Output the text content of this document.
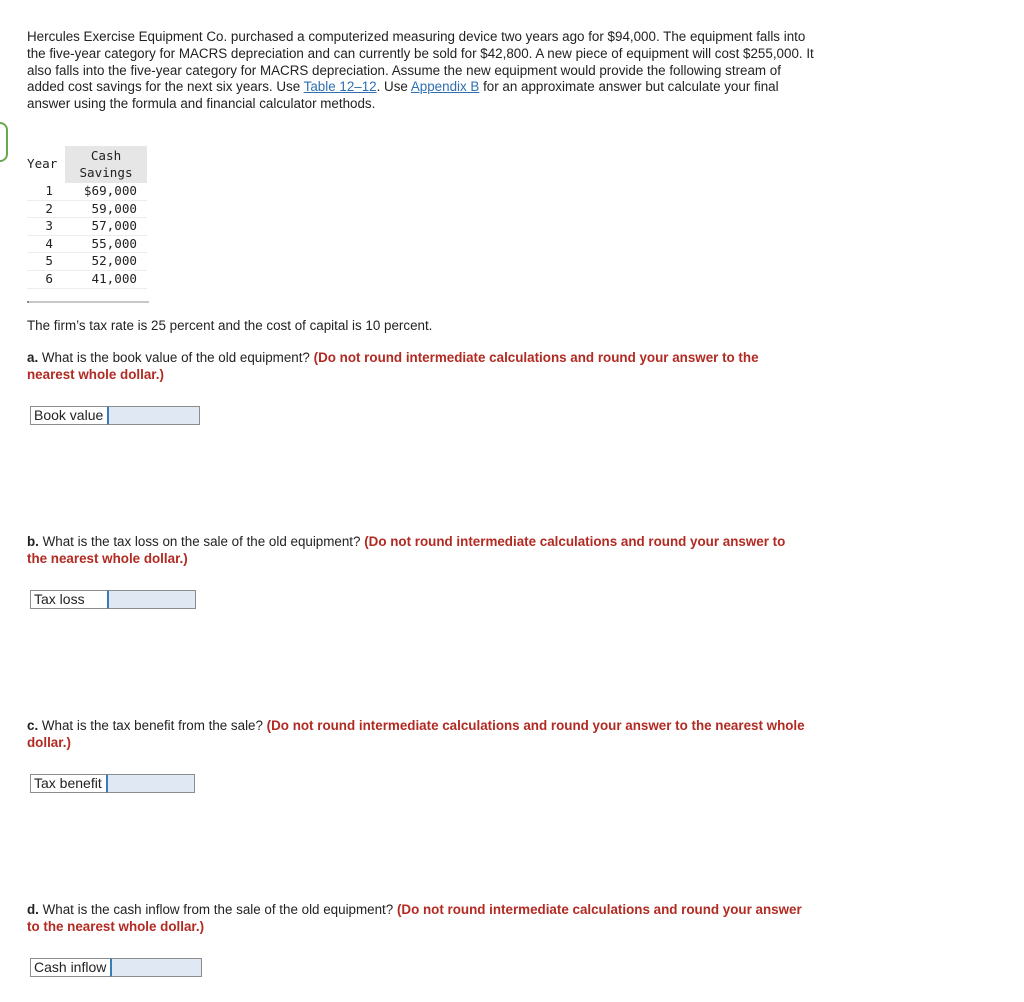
Hercules Exercise Equipment Co. purchased a computerized measuring device two years ago for $94,000. The equipment falls into the five-year category for MACRS depreciation and can currently be sold for $42,800. A new piece of equipment will cost $255,000. It also falls into the five-year category for MACRS depreciation. Assume the new equipment would provide the following stream of added cost savings for the next six years. Use Table 12–12. Use Appendix B for an approximate answer but calculate your final answer using the formula and financial calculator methods.

Year	Cash
Savings
1	$69,000
2	59,000
3	57,000
4	55,000
5	52,000
6	41,000

The firm’s tax rate is 25 percent and the cost of capital is 10 percent.

a. What is the book value of the old equipment? (Do not round intermediate calculations and round your answer to the nearest whole dollar.)

Book value

b. What is the tax loss on the sale of the old equipment? (Do not round intermediate calculations and round your answer to the nearest whole dollar.)

Tax loss

c. What is the tax benefit from the sale? (Do not round intermediate calculations and round your answer to the nearest whole dollar.)

Tax benefit

d. What is the cash inflow from the sale of the old equipment? (Do not round intermediate calculations and round your answer to the nearest whole dollar.)

Cash inflow
